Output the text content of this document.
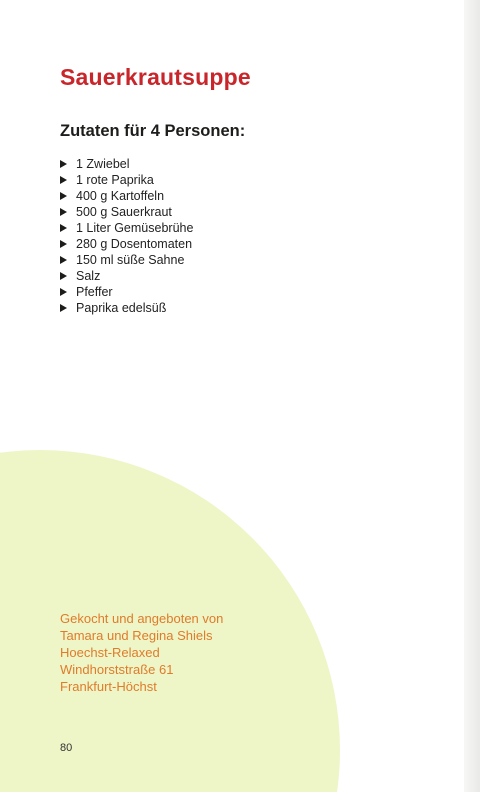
Sauerkrautsuppe
Zutaten für 4 Personen:
1 Zwiebel
1 rote Paprika
400 g Kartoffeln
500 g Sauerkraut
1 Liter Gemüsebrühe
280 g Dosentomaten
150 ml süße Sahne
Salz
Pfeffer
Paprika edelsüß
Gekocht und angeboten von
Tamara und Regina Shiels
Hoechst-Relaxed
Windhorststraße 61
Frankfurt-Höchst
80
